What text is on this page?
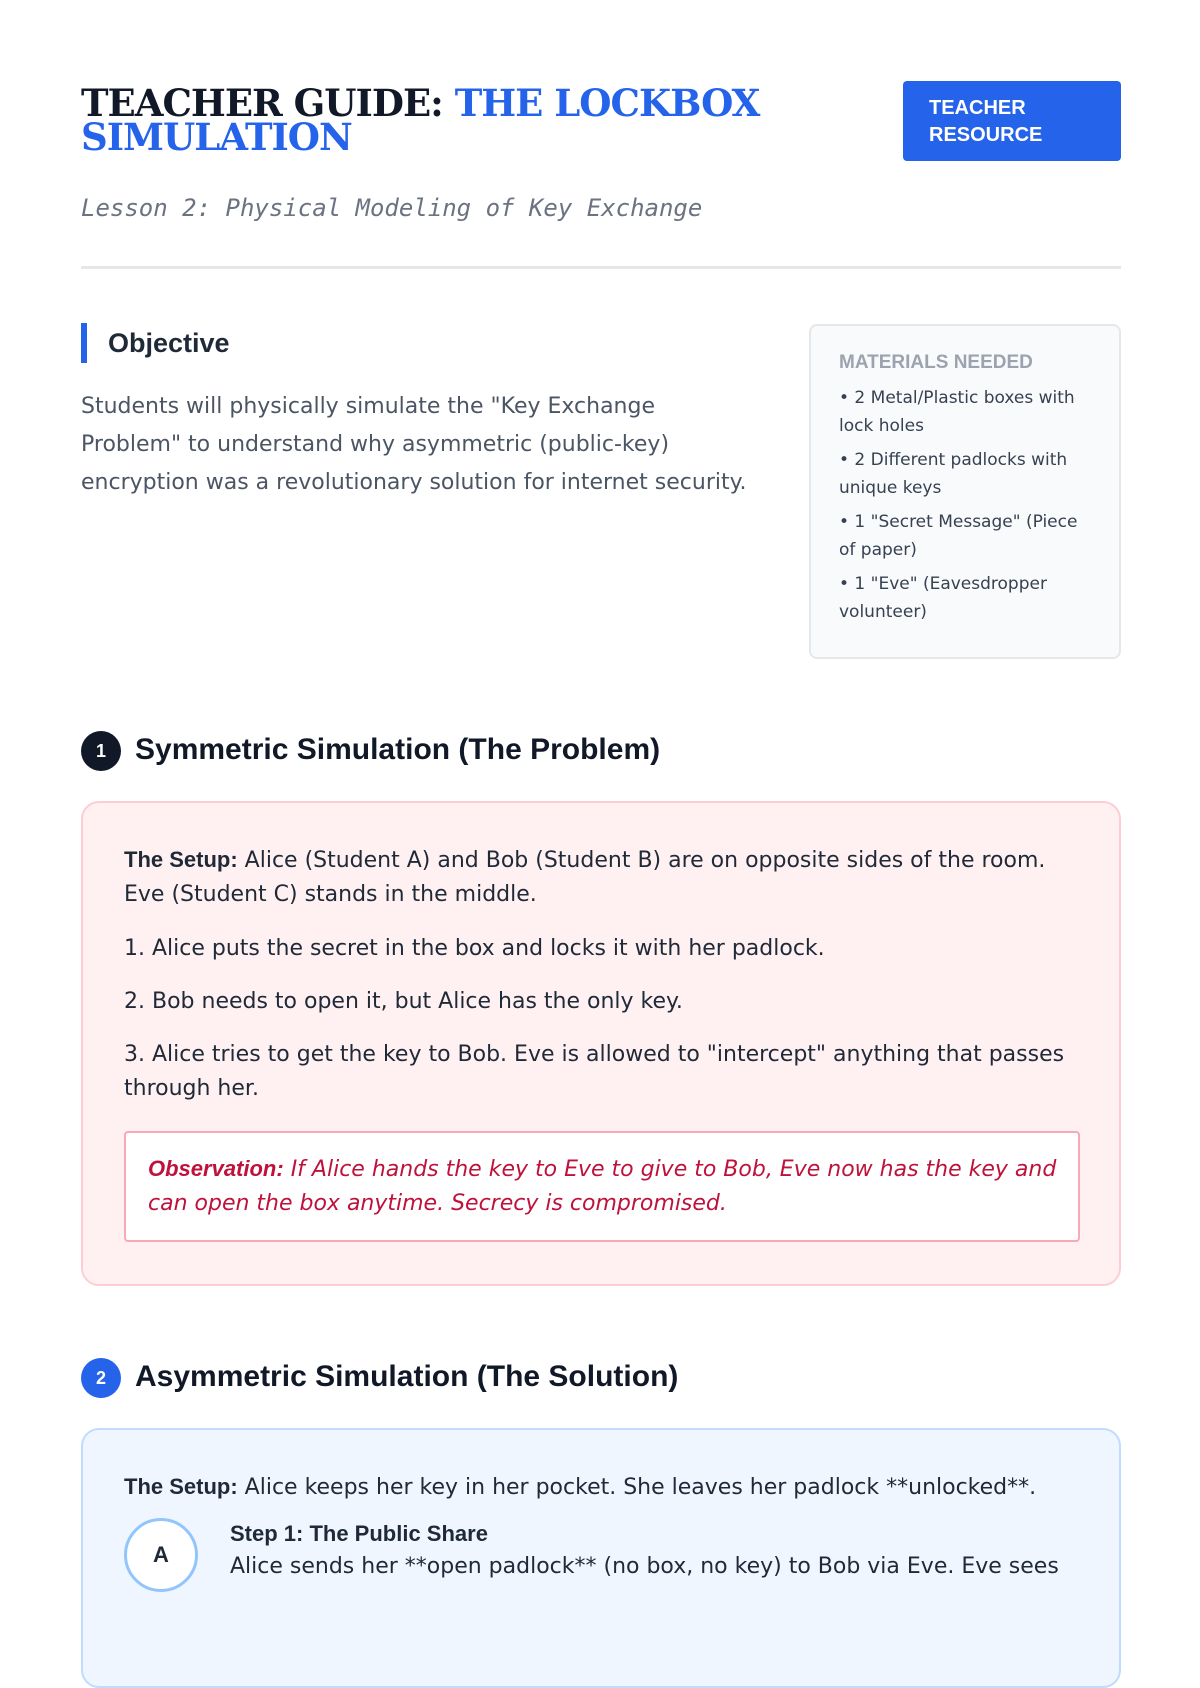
TEACHER GUIDE: THE LOCKBOX SIMULATION

Lesson 2: Physical Modeling of Key Exchange

TEACHER RESOURCE
Objective

Students will physically simulate the "Key Exchange Problem" to understand why asymmetric (public-key) encryption was a revolutionary solution for internet security.

MATERIALS NEEDED
• 2 Metal/Plastic boxes with lock holes
• 2 Different padlocks with unique keys
• 1 "Secret Message" (Piece of paper)
• 1 "Eve" (Eavesdropper volunteer)
1 Symmetric Simulation (The Problem)

The Setup: Alice (Student A) and Bob (Student B) are on opposite sides of the room. Eve (Student C) stands in the middle.

1. Alice puts the secret in the box and locks it with her padlock.
2. Bob needs to open it, but Alice has the only key.
3. Alice tries to get the key to Bob. Eve is allowed to "intercept" anything that passes through her.
Observation: If Alice hands the key to Eve to give to Bob, Eve now has the key and can open the box anytime. Secrecy is compromised.
2 Asymmetric Simulation (The Solution)

The Setup: Alice keeps her key in her pocket. She leaves her padlock **unlocked**.

A
Step 1: The Public Share
Alice sends her **open padlock** (no box, no key) to Bob via Eve. Eve sees
